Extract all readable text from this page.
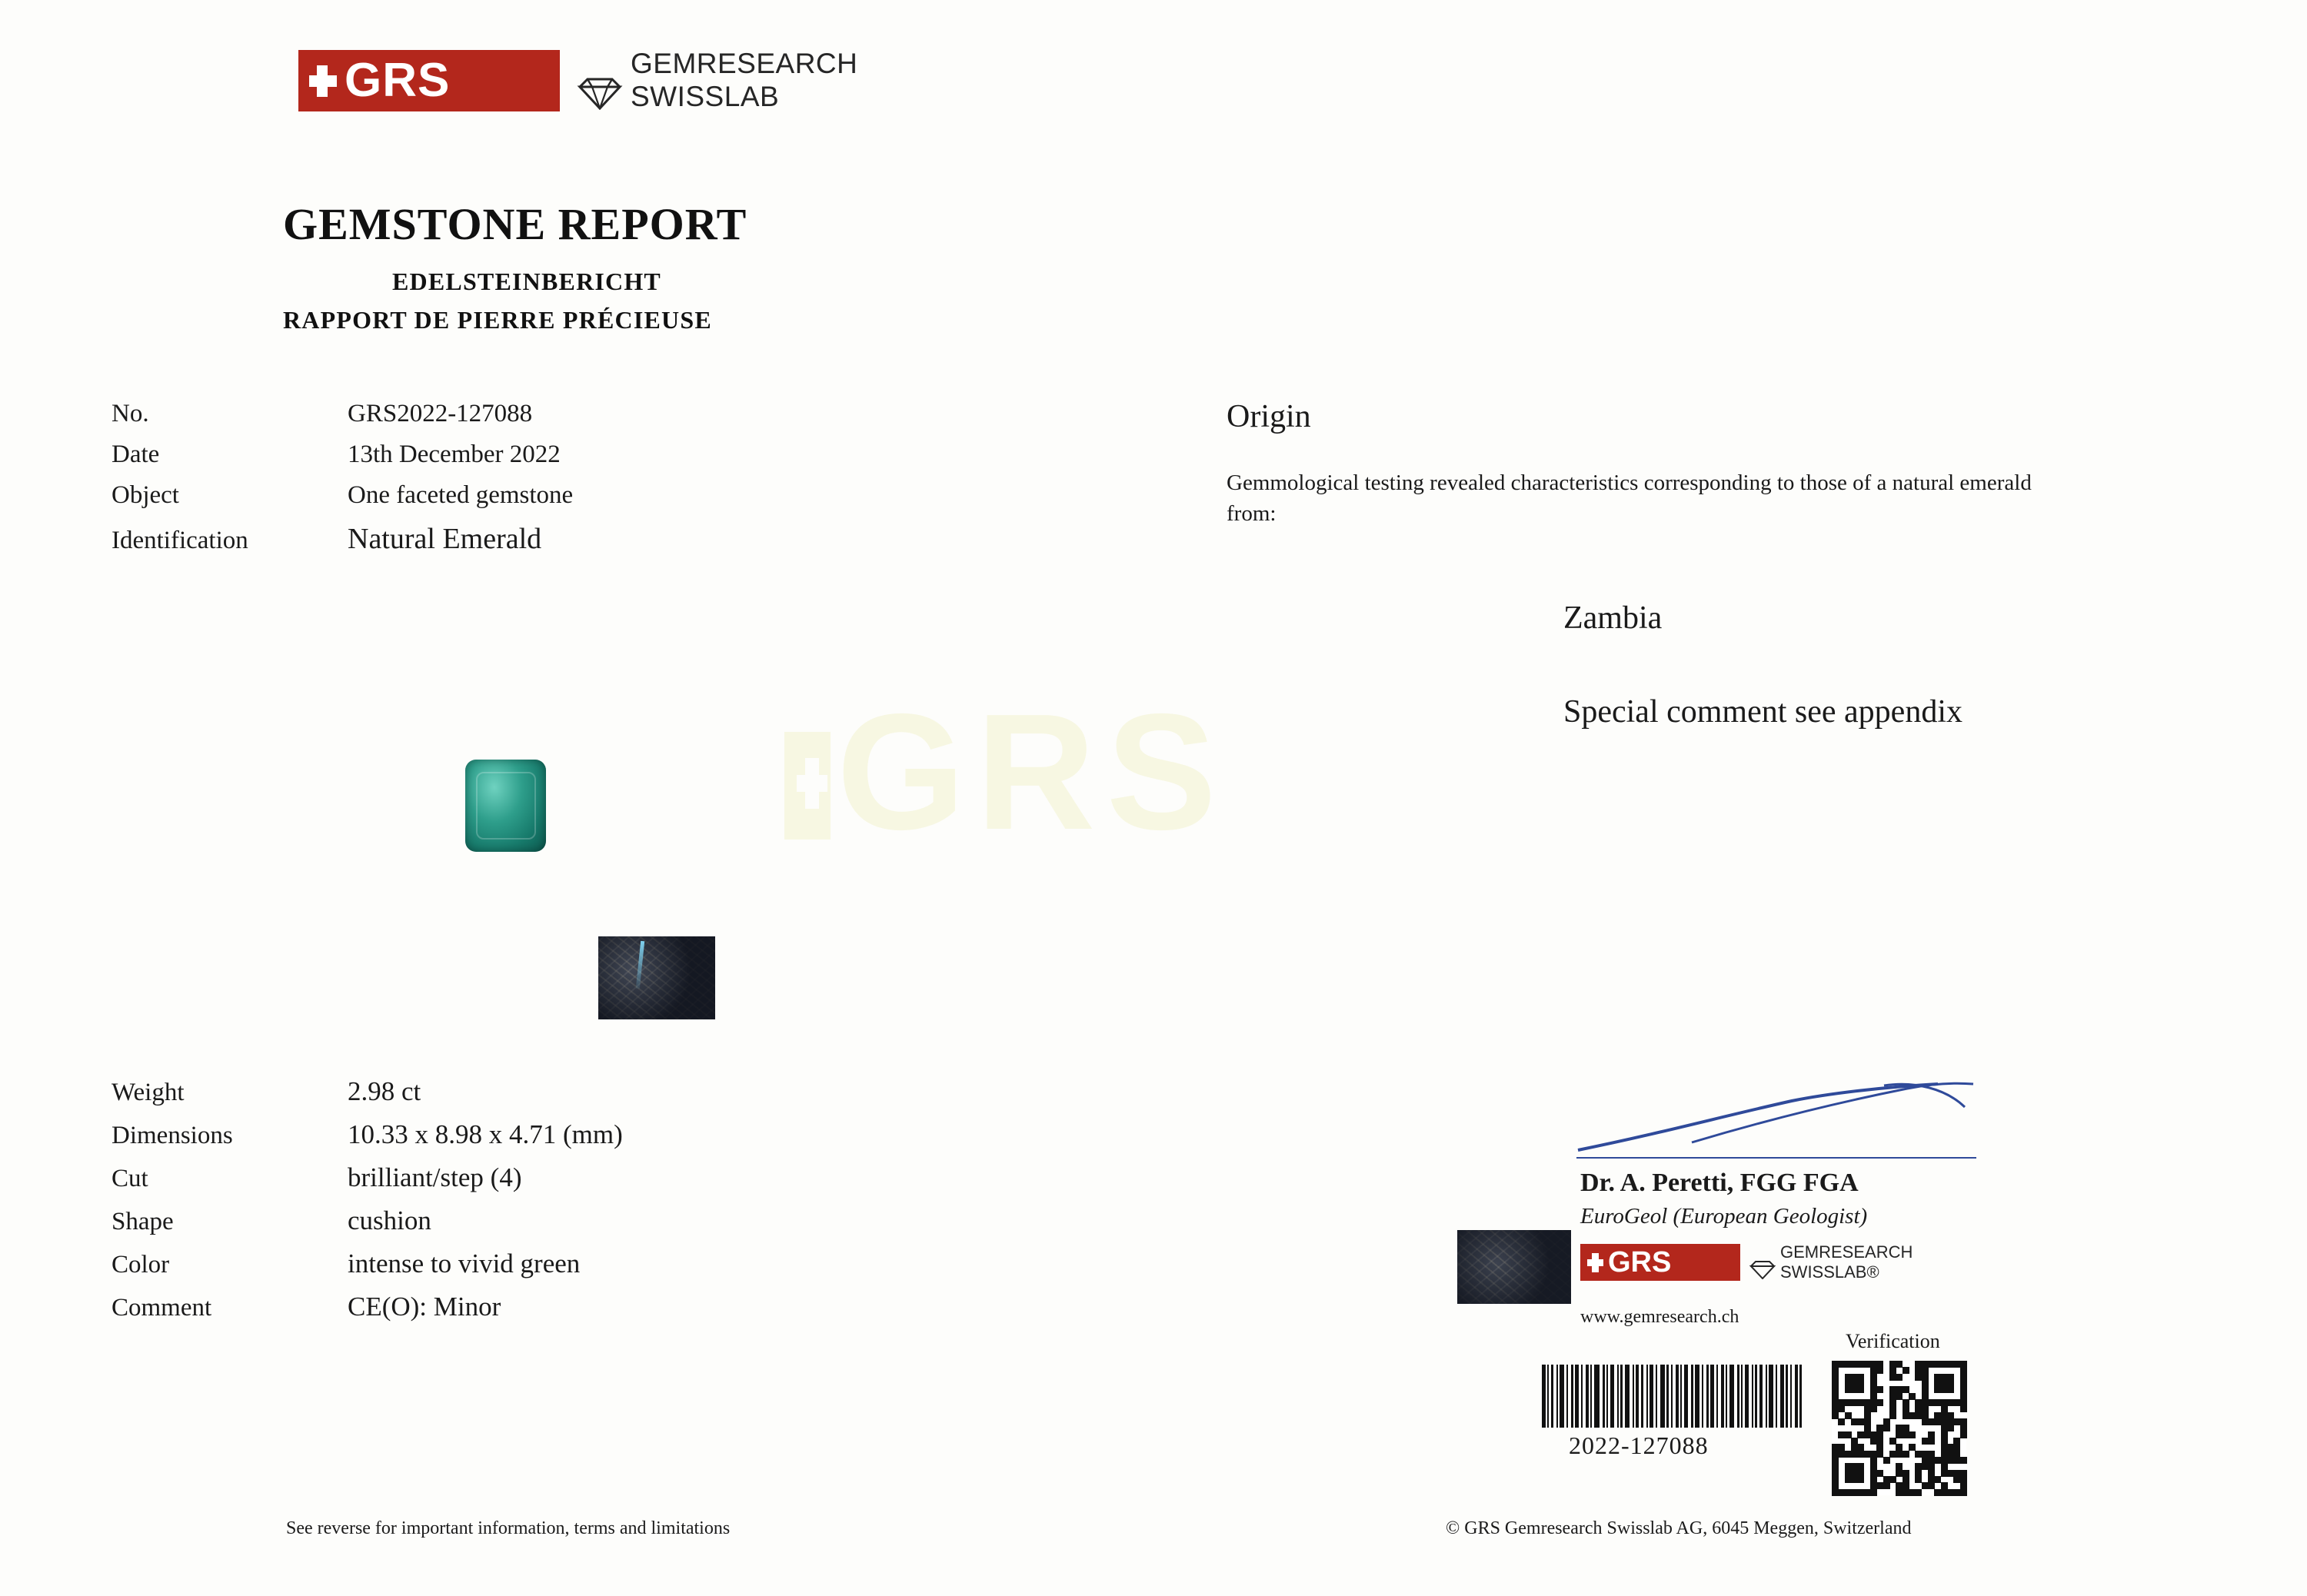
GRS
GRS	GEMRESEARCH
SWISSLAB
GEMSTONE REPORT
EDELSTEINBERICHT
RAPPORT DE PIERRE PRÉCIEUSE
No.	GRS2022-127088
Date	13th December 2022
Object	One faceted gemstone
Identification	Natural Emerald
Weight	2.98 ct
Dimensions	10.33 x 8.98 x 4.71 (mm)
Cut	brilliant/step (4)
Shape	cushion
Color	intense to vivid green
Comment	CE(O): Minor
Origin
Gemmological testing revealed characteristics corresponding to those of a natural emerald from:
Zambia
Special comment see appendix
Dr. A. Peretti, FGG FGA
EuroGeol (European Geologist)
GRS	GEMRESEARCH
SWISSLAB®
www.gemresearch.ch
2022-127088
Verification
See reverse for important information, terms and limitations	© GRS Gemresearch Swisslab AG, 6045 Meggen, Switzerland
